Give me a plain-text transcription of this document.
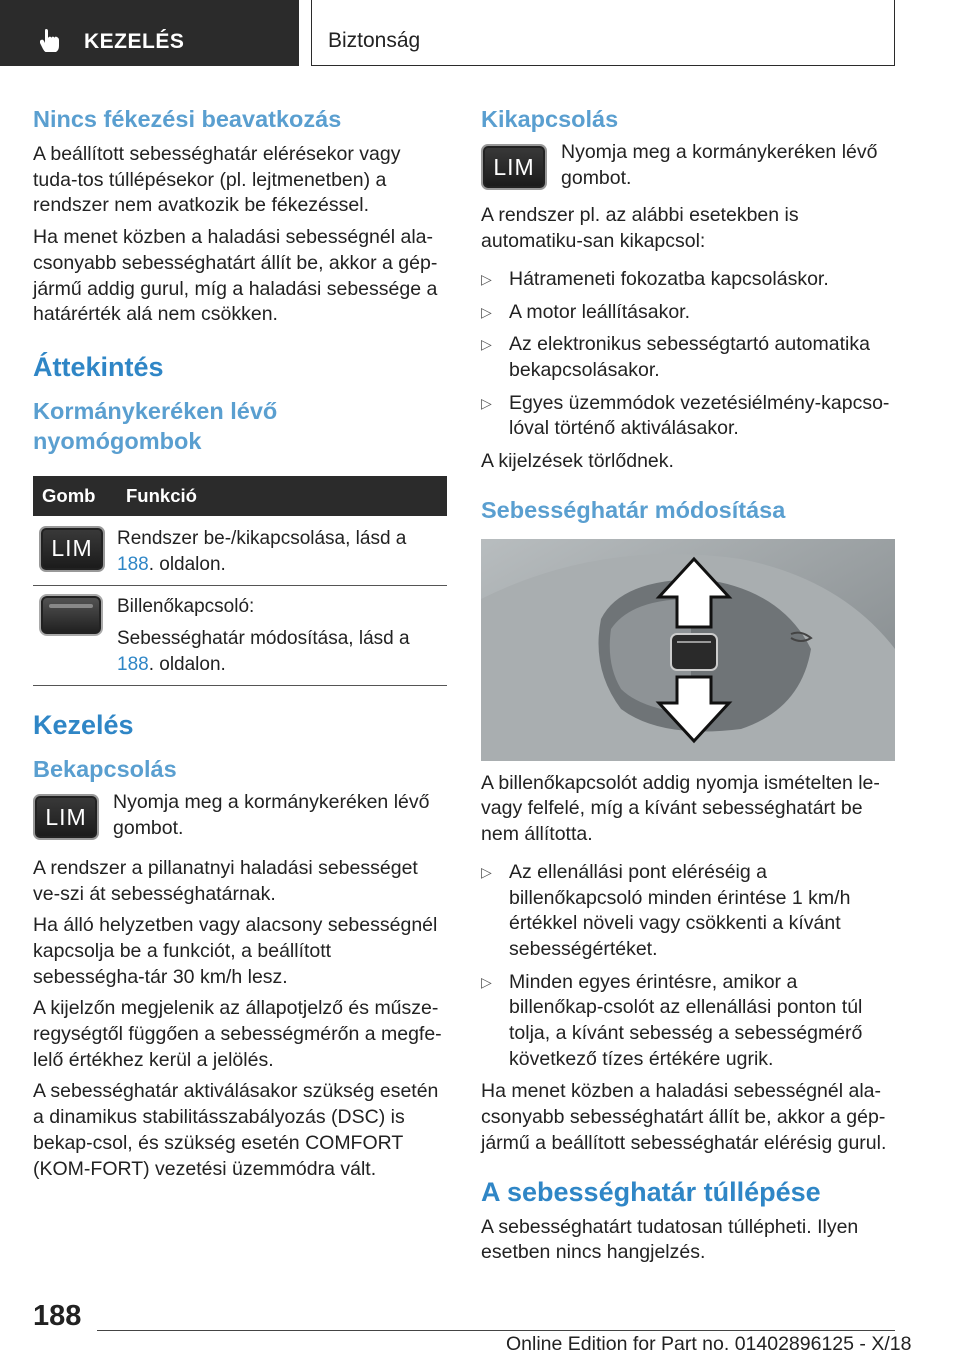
KEZELÉS	Biztonság
Nincs fékezési beavatkozás

A beállított sebességhatár elérésekor vagy tuda-tos túllépésekor (pl. lejtmenetben) a rendszer nem avatkozik be fékezéssel.

Ha menet közben a haladási sebességnél ala-csonyabb sebességhatárt állít be, akkor a gép-jármű addig gurul, míg a haladási sebessége a határérték alá nem csökken.

Áttekintés
Kormánykeréken lévő nyomógombok
Gomb	Funkció

LIM	Rendszer be-/kikapcsolása, lásd a 188. oldalon.

	Billenőkapcsoló:
Sebességhatár módosítása, lásd a 188. oldalon.
Kezelés
Bekapcsolás
LIM

Nyomja meg a kormánykeréken lévő gombot.

A rendszer a pillanatnyi haladási sebességet ve-szi át sebességhatárnak.

Ha álló helyzetben vagy alacsony sebességnél kapcsolja be a funkciót, a beállított sebességha-tár 30 km/h lesz.

A kijelzőn megjelenik az állapotjelző és műsze-regységtől függően a sebességmérőn a megfe-lelő értékhez kerül a jelölés.

A sebességhatár aktiválásakor szükség esetén a dinamikus stabilitásszabályozás (DSC) is bekap-csol, és szükség esetén COMFORT (KOM-FORT) vezetési üzemmódra vált.

Kikapcsolás
LIM

Nyomja meg a kormánykeréken lévő gombot.

A rendszer pl. az alábbi esetekben is automatiku-san kikapcsol:

▷ Hátrameneti fokozatba kapcsoláskor.
▷ A motor leállításakor.
▷ Az elektronikus sebességtartó automatika bekapcsolásakor.
▷ Egyes üzemmódok vezetésiélmény-kapcso-lóval történő aktiválásakor.

A kijelzések törlődnek.

Sebességhatár módosítása

A billenőkapcsolót addig nyomja ismételten le-vagy felfelé, míg a kívánt sebességhatárt be nem állította.

▷ Az ellenállási pont eléréséig a billenőkapcsoló minden érintése 1 km/h értékkel növeli vagy csökkenti a kívánt sebességértéket.
▷ Minden egyes érintésre, amikor a billenőkap-csolót az ellenállási ponton túl tolja, a kívánt sebesség a sebességmérő következő tízes értékére ugrik.

Ha menet közben a haladási sebességnél ala-csonyabb sebességhatárt állít be, akkor a gép-jármű a beállított sebességhatár elérésig gurul.

A sebességhatár túllépése

A sebességhatárt tudatosan túllépheti. Ilyen esetben nincs hangjelzés.

188
Online Edition for Part no. 01402896125 - X/18
